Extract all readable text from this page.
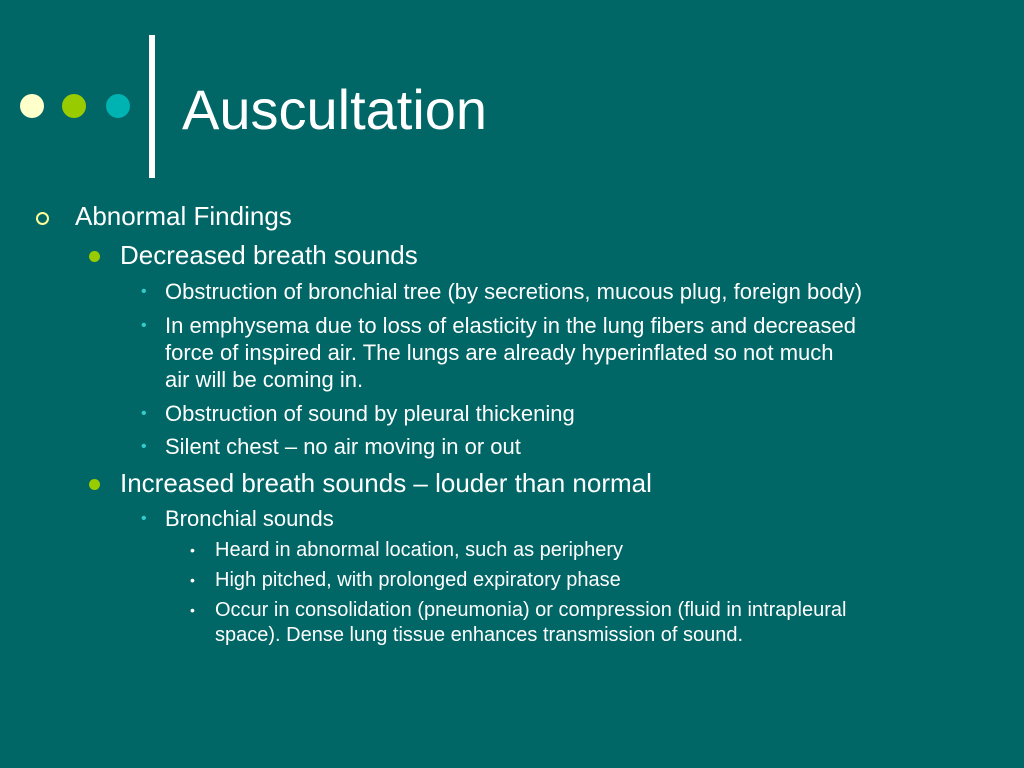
Auscultation
Abnormal Findings
Decreased breath sounds
• Obstruction of bronchial tree (by secretions, mucous plug, foreign body)
• In emphysema due to loss of elasticity in the lung fibers and decreased
force of inspired air. The lungs are already hyperinflated so not much
air will be coming in.
• Obstruction of sound by pleural thickening
• Silent chest – no air moving in or out
Increased breath sounds – louder than normal
• Bronchial sounds
• Heard in abnormal location, such as periphery
• High pitched, with prolonged expiratory phase
• Occur in consolidation (pneumonia) or compression (fluid in intrapleural
space). Dense lung tissue enhances transmission of sound.
